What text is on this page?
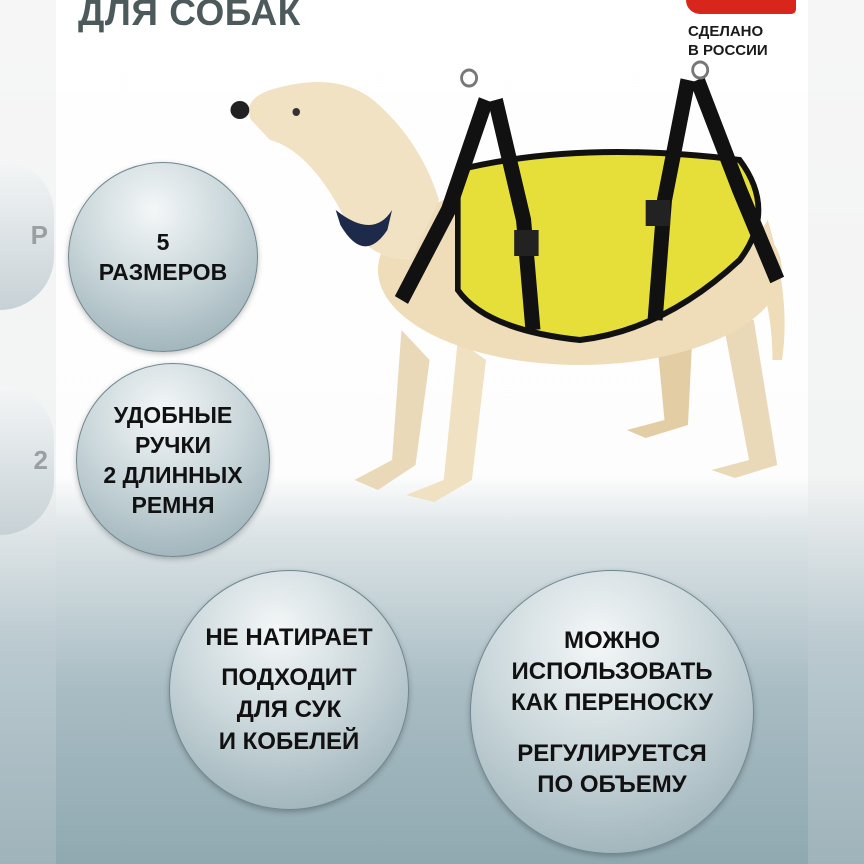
Р
2
ДЛЯ СОБАК	СДЕЛАНО
В РОССИИ
5
РАЗМЕРОВ
УДОБНЫЕ
РУЧКИ
2 ДЛИННЫХ
РЕМНЯ
НЕ НАТИРАЕТ
ПОДХОДИТ
ДЛЯ СУК
И КОБЕЛЕЙ
МОЖНО
ИСПОЛЬЗОВАТЬ
КАК ПЕРЕНОСКУ
РЕГУЛИРУЕТСЯ
ПО ОБЪЕМУ
